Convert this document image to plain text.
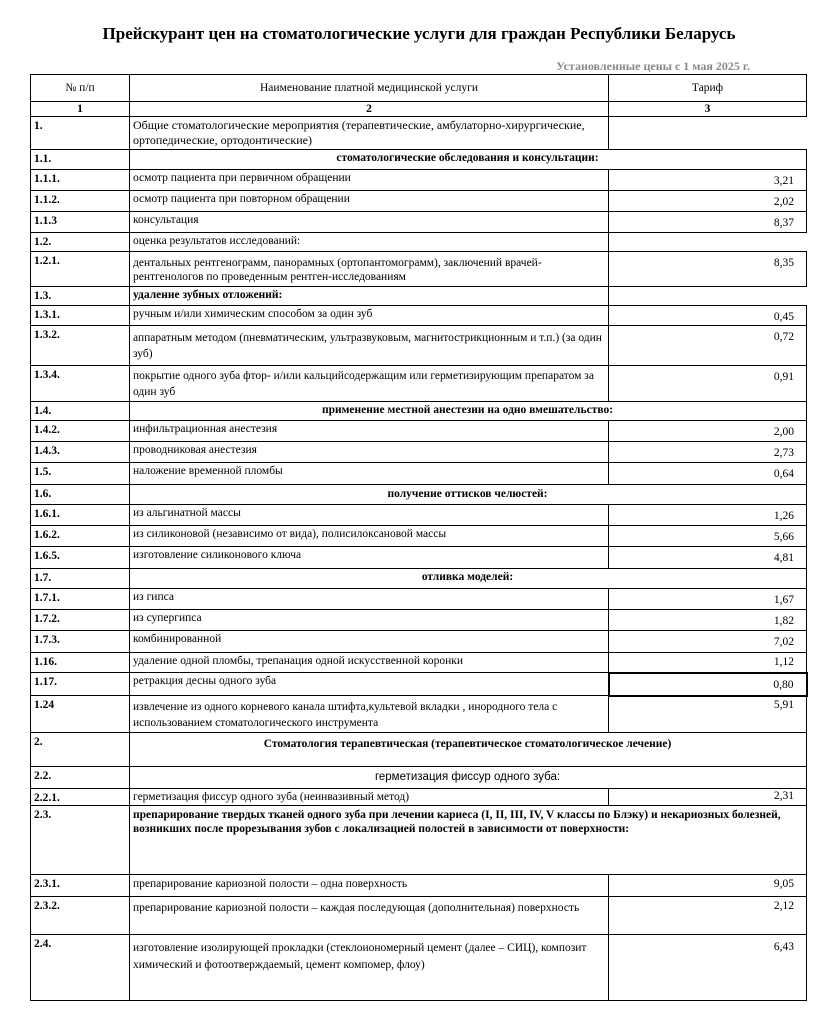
Прейскурант цен на стоматологические услуги для граждан Республики Беларусь
Установленные цены с 1 мая 2025 г.
№ п/п	Наименование платной медицинской услуги	Тариф
1	2	3
1.	Общие стоматологические мероприятия (терапевтические, амбулаторно-хирургические, ортопедические, ортодонтические)	
1.1.	стоматологические обследования и консультации:	
1.1.1.	осмотр пациента при первичном обращении	3,21
1.1.2.	осмотр пациента при повторном обращении	2,02
1.1.3	консультация	8,37
1.2.	оценка результатов исследований:	
1.2.1.	дентальных рентгенограмм, панорамных (ортопантомограмм), заключений врачей-рентгенологов по проведенным рентген-исследованиям	8,35
1.3.	удаление зубных отложений:	
1.3.1.	ручным и/или химическим способом за один зуб	0,45
1.3.2.	аппаратным методом (пневматическим, ультразвуковым, магнитострикционным и т.п.) (за один зуб)	0,72
1.3.4.	покрытие одного зуба фтор- и/или кальцийсодержащим или герметизирующим препаратом за один зуб	0,91
1.4.	применение местной анестезии на одно вмешательство:	
1.4.2.	инфильтрационная анестезия	2,00
1.4.3.	проводниковая анестезия	2,73
1.5.	наложение временной пломбы	0,64
1.6.	получение оттисков челюстей:	
1.6.1.	из альгинатной массы	1,26
1.6.2.	из силиконовой (независимо от вида), полисилоксановой массы	5,66
1.6.5.	изготовление силиконового ключа	4,81
1.7.	отливка моделей:	
1.7.1.	из гипса	1,67
1.7.2.	из супергипса	1,82
1.7.3.	комбинированной	7,02
1.16.	удаление одной пломбы, трепанация одной искусственной коронки	1,12
1.17.	ретракция десны одного зуба	0,80
1.24	извлечение из одного корневого канала штифта,культевой вкладки , инородного тела с использованием стоматологического инструмента	5,91
2.	Стоматология терапевтическая (терапевтическое стоматологическое лечение)	
2.2.	герметизация фиссур одного зуба:	
2.2.1.	герметизация фиссур одного зуба (неинвазивный метод)	2,31
2.3.	препарирование твердых тканей одного зуба при лечении кариеса (I, II, III, IV, V классы по Блэку) и некариозных болезней, возникших после прорезывания зубов с локализацией полостей в зависимости от поверхности:	
2.3.1.	препарирование кариозной полости – одна поверхность	9,05
2.3.2.	препарирование кариозной полости – каждая последующая (дополнительная) поверхность	2,12
2.4.	изготовление изолирующей прокладки (стеклоиономерный цемент (далее – СИЦ), композит химический и фотоотверждаемый, цемент компомер, флоу)	6,43
